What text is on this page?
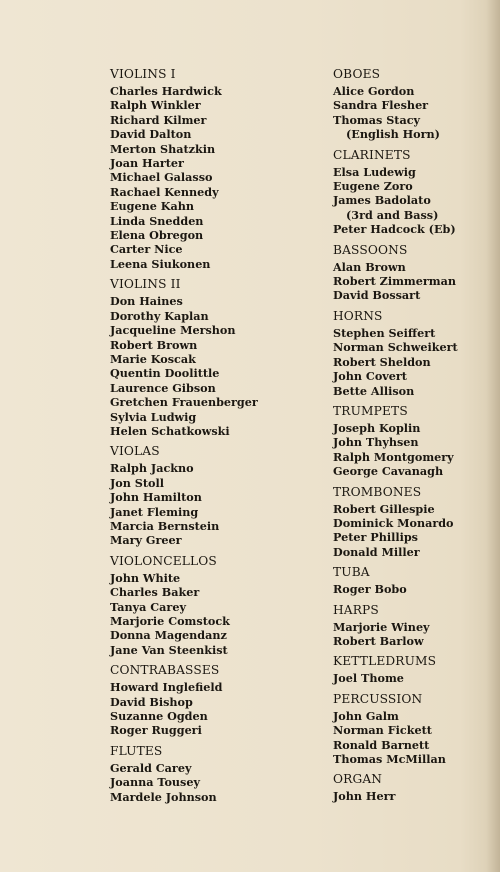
VIOLINS I
Charles Hardwick
Ralph Winkler
Richard Kilmer
David Dalton
Merton Shatzkin
Joan Harter
Michael Galasso
Rachael Kennedy
Eugene Kahn
Linda Snedden
Elena Obregon
Carter Nice
Leena Siukonen
VIOLINS II
Don Haines
Dorothy Kaplan
Jacqueline Mershon
Robert Brown
Marie Koscak
Quentin Doolittle
Laurence Gibson
Gretchen Frauenberger
Sylvia Ludwig
Helen Schatkowski
VIOLAS
Ralph Jackno
Jon Stoll
John Hamilton
Janet Fleming
Marcia Bernstein
Mary Greer
VIOLONCELLOS
John White
Charles Baker
Tanya Carey
Marjorie Comstock
Donna Magendanz
Jane Van Steenkist
CONTRABASSES
Howard Inglefield
David Bishop
Suzanne Ogden
Roger Ruggeri
FLUTES
Gerald Carey
Joanna Tousey
Mardele Johnson
OBOES
Alice Gordon
Sandra Flesher
Thomas Stacy
(English Horn)
CLARINETS
Elsa Ludewig
Eugene Zoro
James Badolato
(3rd and Bass)
Peter Hadcock (Eb)
BASSOONS
Alan Brown
Robert Zimmerman
David Bossart
HORNS
Stephen Seiffert
Norman Schweikert
Robert Sheldon
John Covert
Bette Allison
TRUMPETS
Joseph Koplin
John Thyhsen
Ralph Montgomery
George Cavanagh
TROMBONES
Robert Gillespie
Dominick Monardo
Peter Phillips
Donald Miller
TUBA
Roger Bobo
HARPS
Marjorie Winey
Robert Barlow
KETTLEDRUMS
Joel Thome
PERCUSSION
John Galm
Norman Fickett
Ronald Barnett
Thomas McMillan
ORGAN
John Herr
